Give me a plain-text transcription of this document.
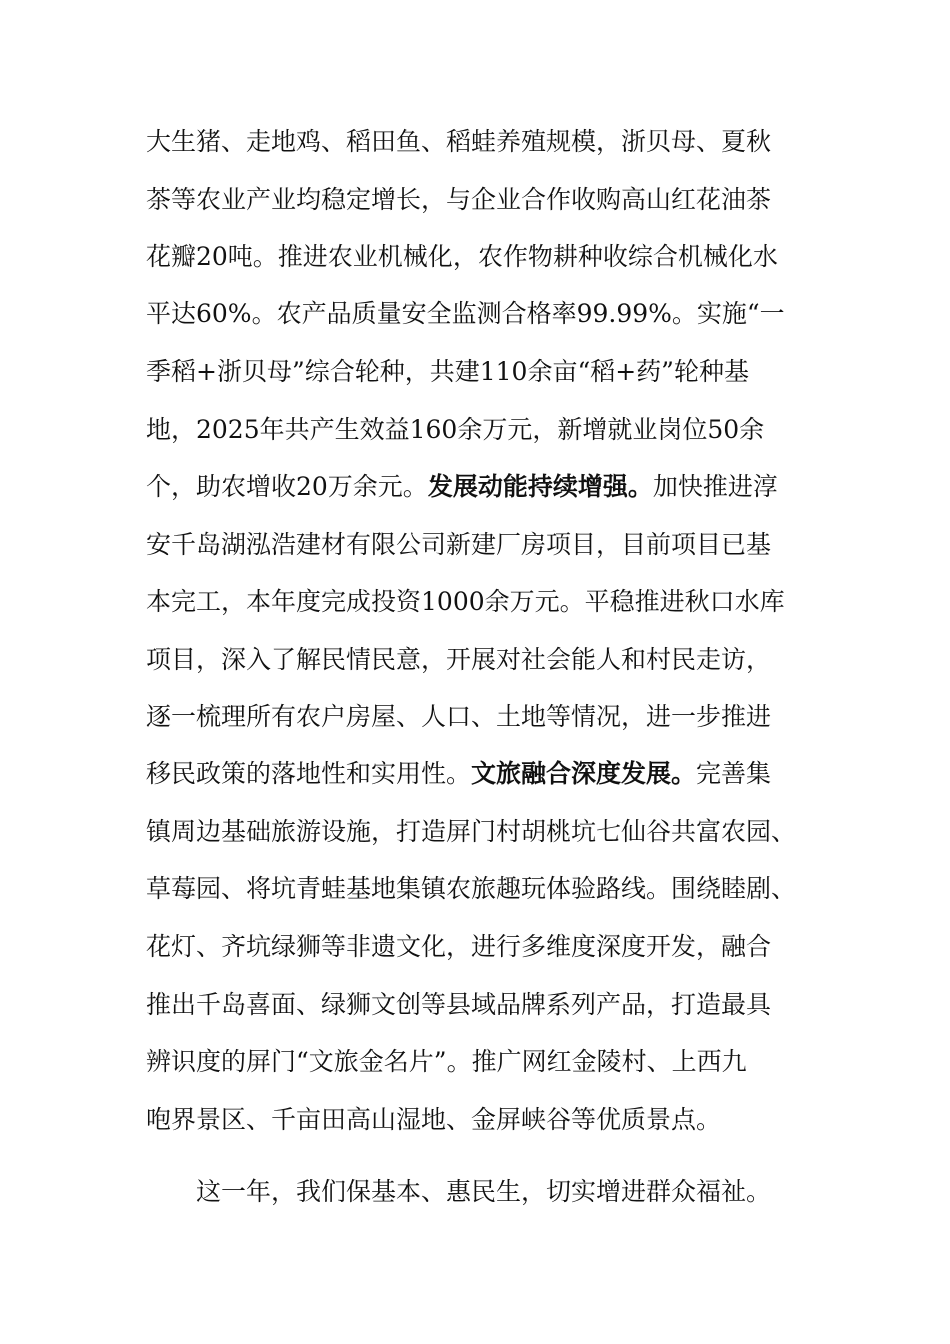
大生猪、走地鸡、稻田鱼、稻蛙养殖规模，浙贝母、夏秋
茶等农业产业均稳定增长，与企业合作收购高山红花油茶
花瓣20吨。推进农业机械化，农作物耕种收综合机械化水
平达60%。农产品质量安全监测合格率99.99%。实施“一
季稻+浙贝母”综合轮种，共建110余亩“稻+药”轮种基
地，2025年共产生效益160余万元，新增就业岗位50余
个，助农增收20万余元。发展动能持续增强。加快推进淳
安千岛湖泓浩建材有限公司新建厂房项目，目前项目已基
本完工，本年度完成投资1000余万元。平稳推进秋口水库
项目，深入了解民情民意，开展对社会能人和村民走访，
逐一梳理所有农户房屋、人口、土地等情况，进一步推进
移民政策的落地性和实用性。文旅融合深度发展。完善集
镇周边基础旅游设施，打造屏门村胡桃坑七仙谷共富农园、
草莓园、将坑青蛙基地集镇农旅趣玩体验路线。围绕睦剧、
花灯、齐坑绿狮等非遗文化，进行多维度深度开发，融合
推出千岛喜面、绿狮文创等县域品牌系列产品，打造最具
辨识度的屏门“文旅金名片”。推广网红金陵村、上西九
咆界景区、千亩田高山湿地、金屏峡谷等优质景点。
这一年，我们保基本、惠民生，切实增进群众福祉。
